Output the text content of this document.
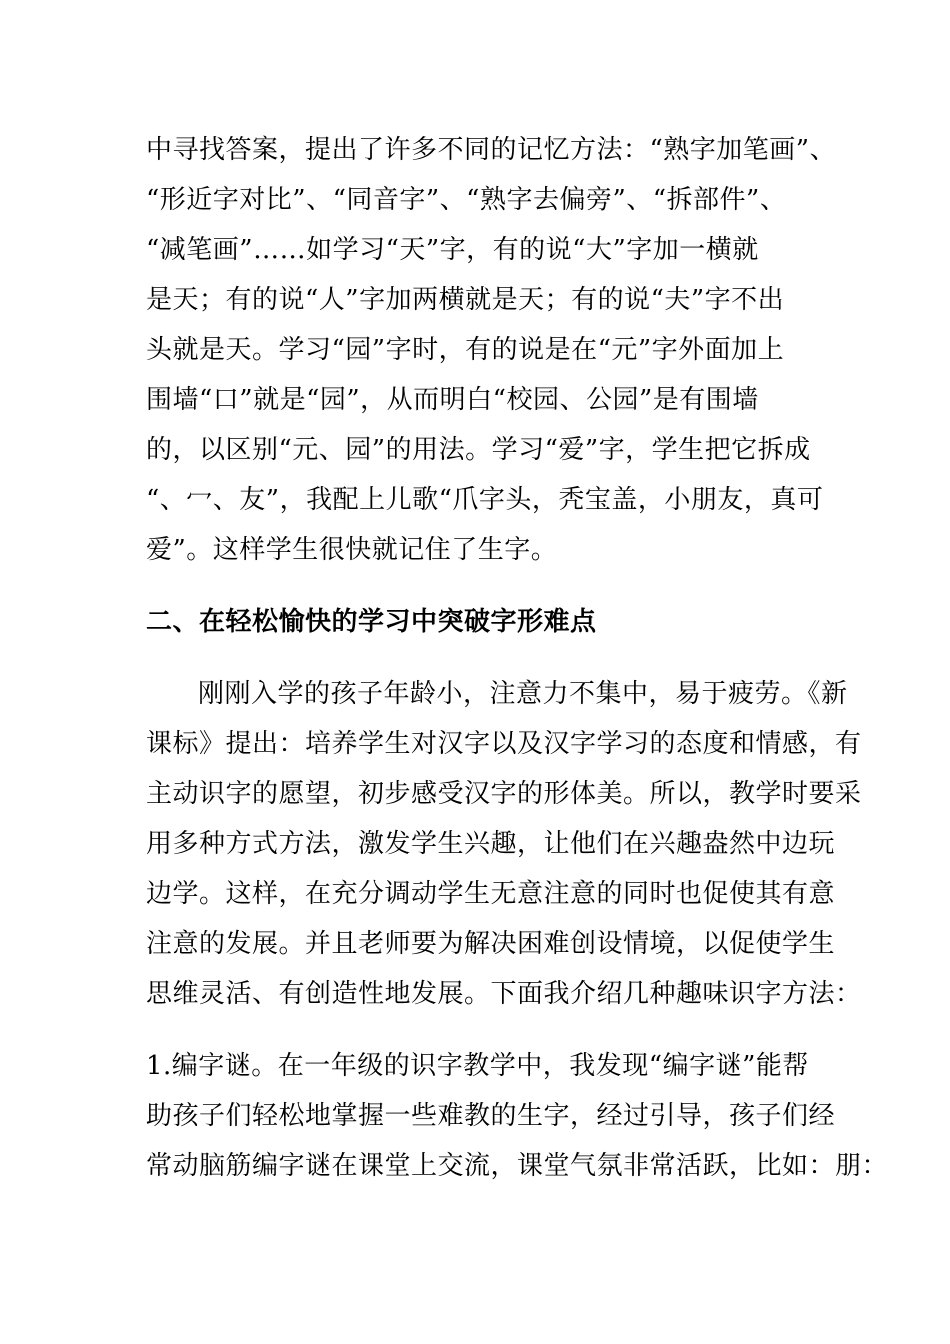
中寻找答案，提出了许多不同的记忆方法：“熟字加笔画”、
“形近字对比”、“同音字”、“熟字去偏旁”、“拆部件”、
“减笔画”……如学习“天”字，有的说“大”字加一横就
是天；有的说“人”字加两横就是天；有的说“夫”字不出
头就是天。学习“园”字时，有的说是在“元”字外面加上
围墙“口”就是“园”，从而明白“校园、公园”是有围墙
的，以区别“元、园”的用法。学习“爱”字，学生把它拆成
“、冖、友”，我配上儿歌“爪字头，秃宝盖，小朋友，真可
爱”。这样学生很快就记住了生字。
二、在轻松愉快的学习中突破字形难点
刚刚入学的孩子年龄小，注意力不集中，易于疲劳。《新
课标》提出：培养学生对汉字以及汉字学习的态度和情感，有
主动识字的愿望，初步感受汉字的形体美。所以，教学时要采
用多种方式方法，激发学生兴趣，让他们在兴趣盎然中边玩
边学。这样，在充分调动学生无意注意的同时也促使其有意
注意的发展。并且老师要为解决困难创设情境，以促使学生
思维灵活、有创造性地发展。下面我介绍几种趣味识字方法：
1.编字谜。在一年级的识字教学中，我发现“编字谜”能帮
助孩子们轻松地掌握一些难教的生字，经过引导，孩子们经
常动脑筋编字谜在课堂上交流，课堂气氛非常活跃，比如：朋：
